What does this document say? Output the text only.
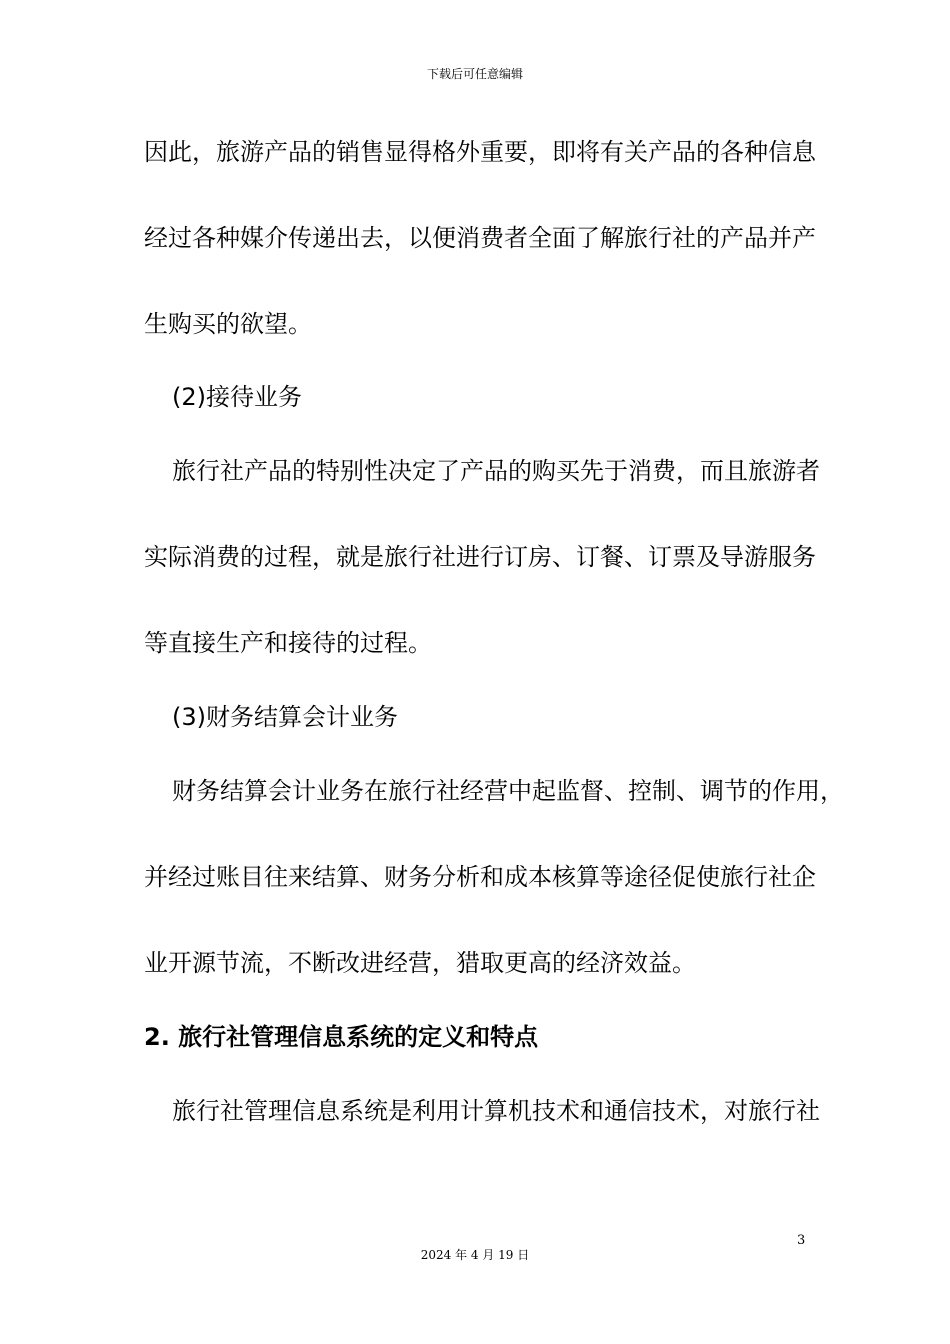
下载后可任意编辑
因此，旅游产品的销售显得格外重要，即将有关产品的各种信息
经过各种媒介传递出去，以便消费者全面了解旅行社的产品并产
生购买的欲望。
(2)接待业务
旅行社产品的特别性决定了产品的购买先于消费，而且旅游者
实际消费的过程，就是旅行社进行订房、订餐、订票及导游服务
等直接生产和接待的过程。
(3)财务结算会计业务
财务结算会计业务在旅行社经营中起监督、控制、调节的作用，
并经过账目往来结算、财务分析和成本核算等途径促使旅行社企
业开源节流，不断改进经营，猎取更高的经济效益。
2. 旅行社管理信息系统的定义和特点
旅行社管理信息系统是利用计算机技术和通信技术，对旅行社
3
2024 年 4 月 19 日
